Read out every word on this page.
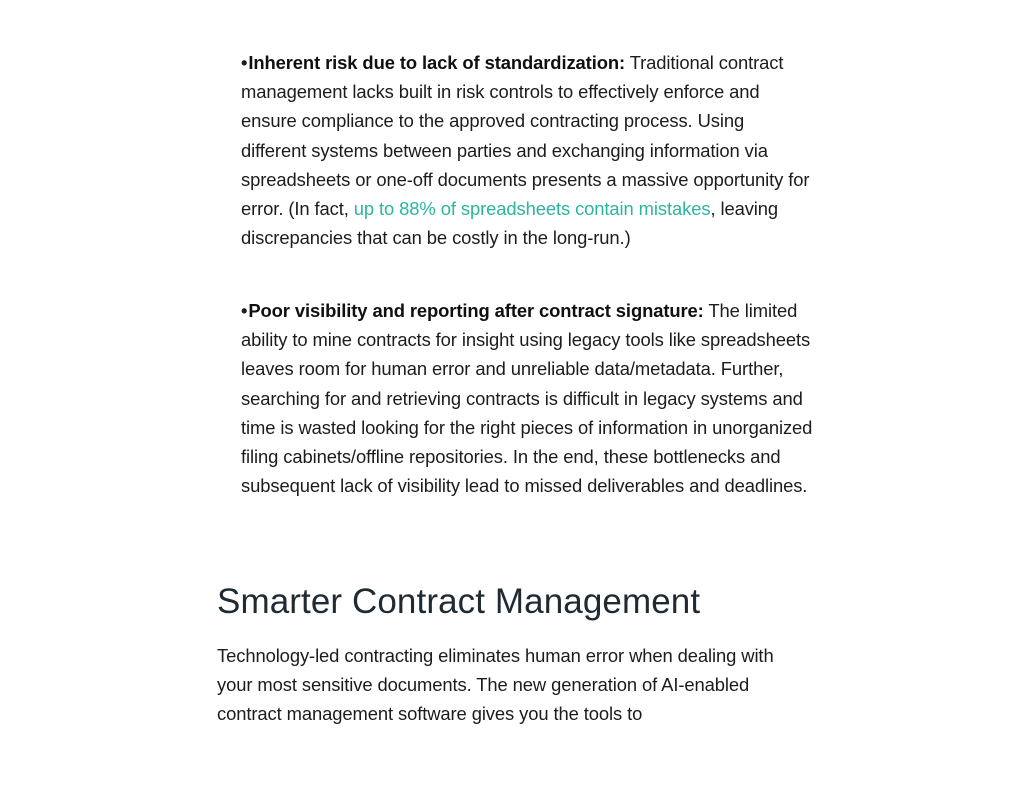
•Inherent risk due to lack of standardization: Traditional contract management lacks built in risk controls to effectively enforce and ensure compliance to the approved contracting process. Using different systems between parties and exchanging information via spreadsheets or one-off documents presents a massive opportunity for error. (In fact, up to 88% of spreadsheets contain mistakes, leaving discrepancies that can be costly in the long-run.)

•Poor visibility and reporting after contract signature: The limited ability to mine contracts for insight using legacy tools like spreadsheets leaves room for human error and unreliable data/metadata. Further, searching for and retrieving contracts is difficult in legacy systems and time is wasted looking for the right pieces of information in unorganized filing cabinets/offline repositories. In the end, these bottlenecks and subsequent lack of visibility lead to missed deliverables and deadlines.

Smarter Contract Management

Technology-led contracting eliminates human error when dealing with your most sensitive documents. The new generation of AI-enabled contract management software gives you the tools to
